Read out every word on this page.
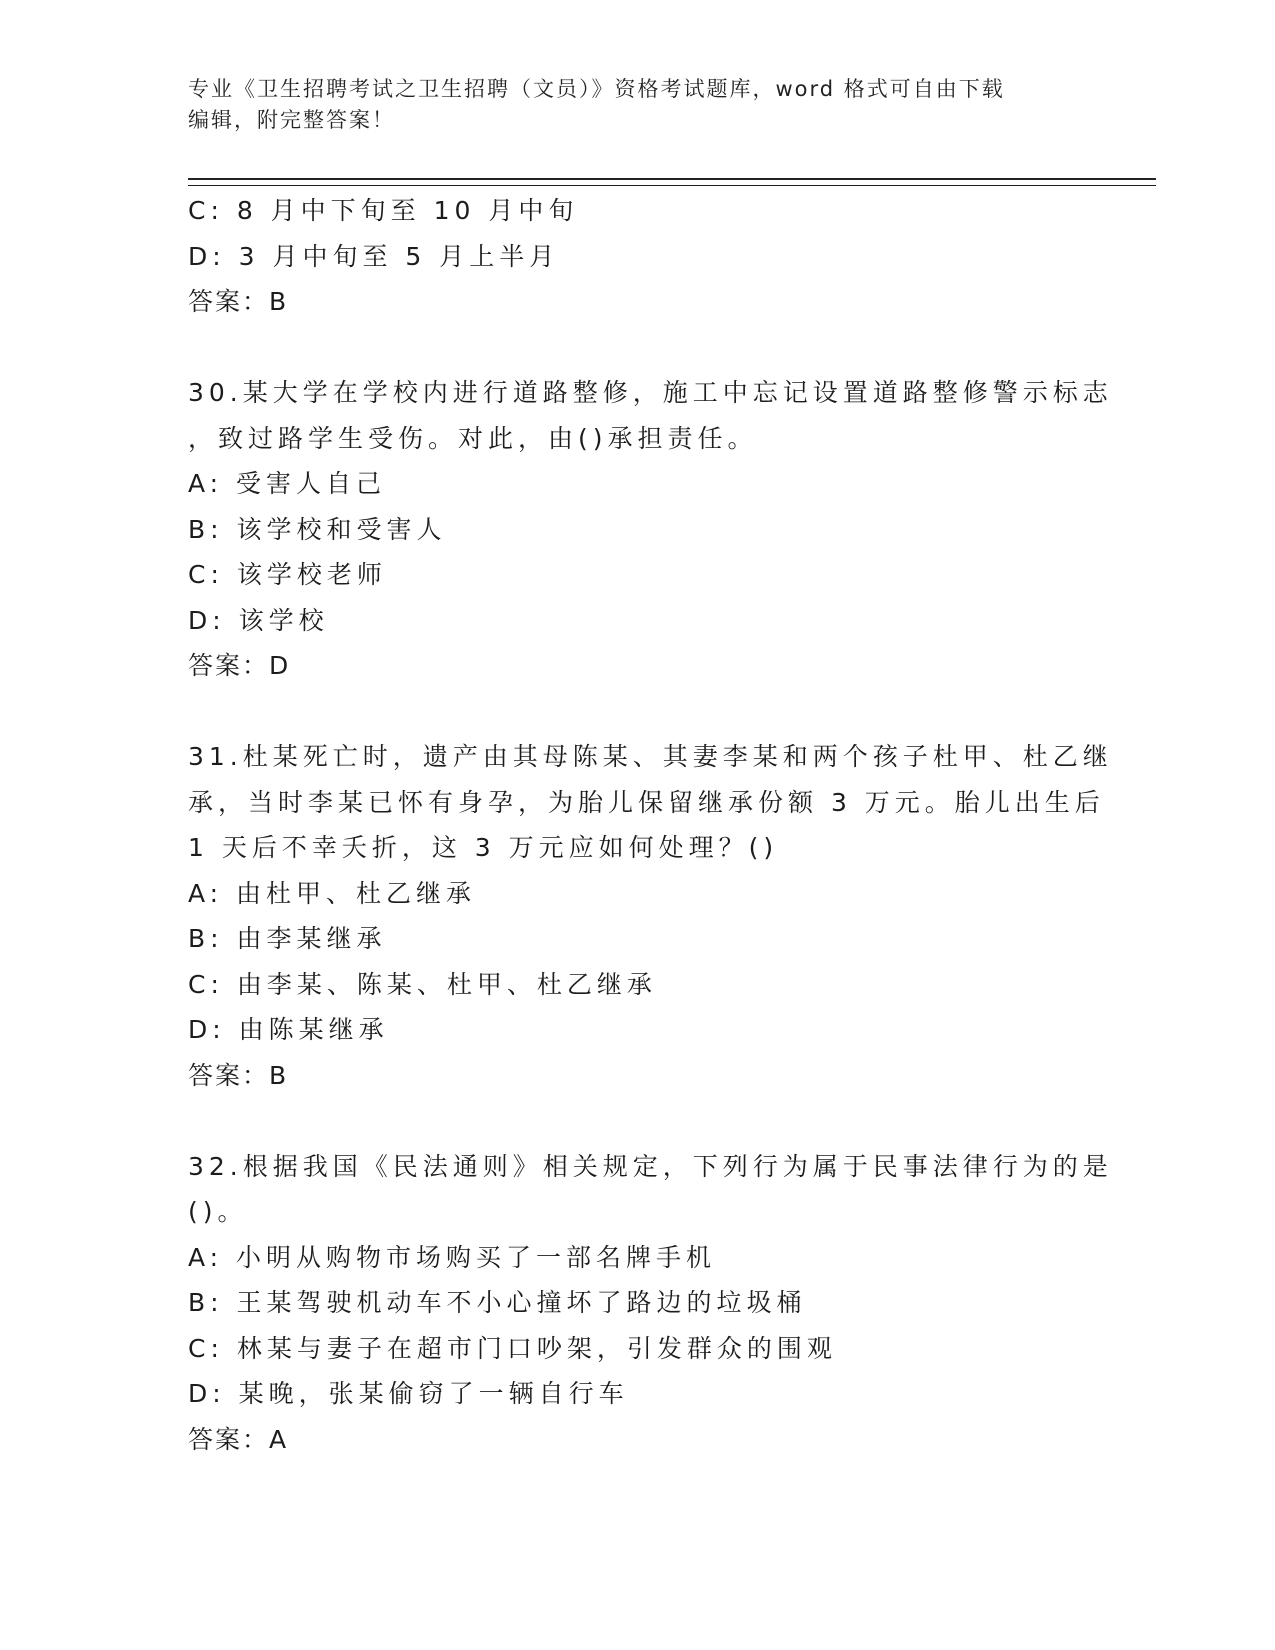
专业《卫生招聘考试之卫生招聘（文员）》资格考试题库，word 格式可自由下载
编辑，附完整答案！
C: 8 月中下旬至 10 月中旬
D: 3 月中旬至 5 月上半月
答案：B
30.某大学在学校内进行道路整修，施工中忘记设置道路整修警示标志
，致过路学生受伤。对此，由()承担责任。
A: 受害人自己
B: 该学校和受害人
C: 该学校老师
D: 该学校
答案：D
31.杜某死亡时，遗产由其母陈某、其妻李某和两个孩子杜甲、杜乙继
承，当时李某已怀有身孕，为胎儿保留继承份额 3 万元。胎儿出生后
1 天后不幸夭折，这 3 万元应如何处理？()
A: 由杜甲、杜乙继承
B: 由李某继承
C: 由李某、陈某、杜甲、杜乙继承
D: 由陈某继承
答案：B
32.根据我国《民法通则》相关规定，下列行为属于民事法律行为的是
()。
A: 小明从购物市场购买了一部名牌手机
B: 王某驾驶机动车不小心撞坏了路边的垃圾桶
C: 林某与妻子在超市门口吵架，引发群众的围观
D: 某晚，张某偷窃了一辆自行车
答案：A
